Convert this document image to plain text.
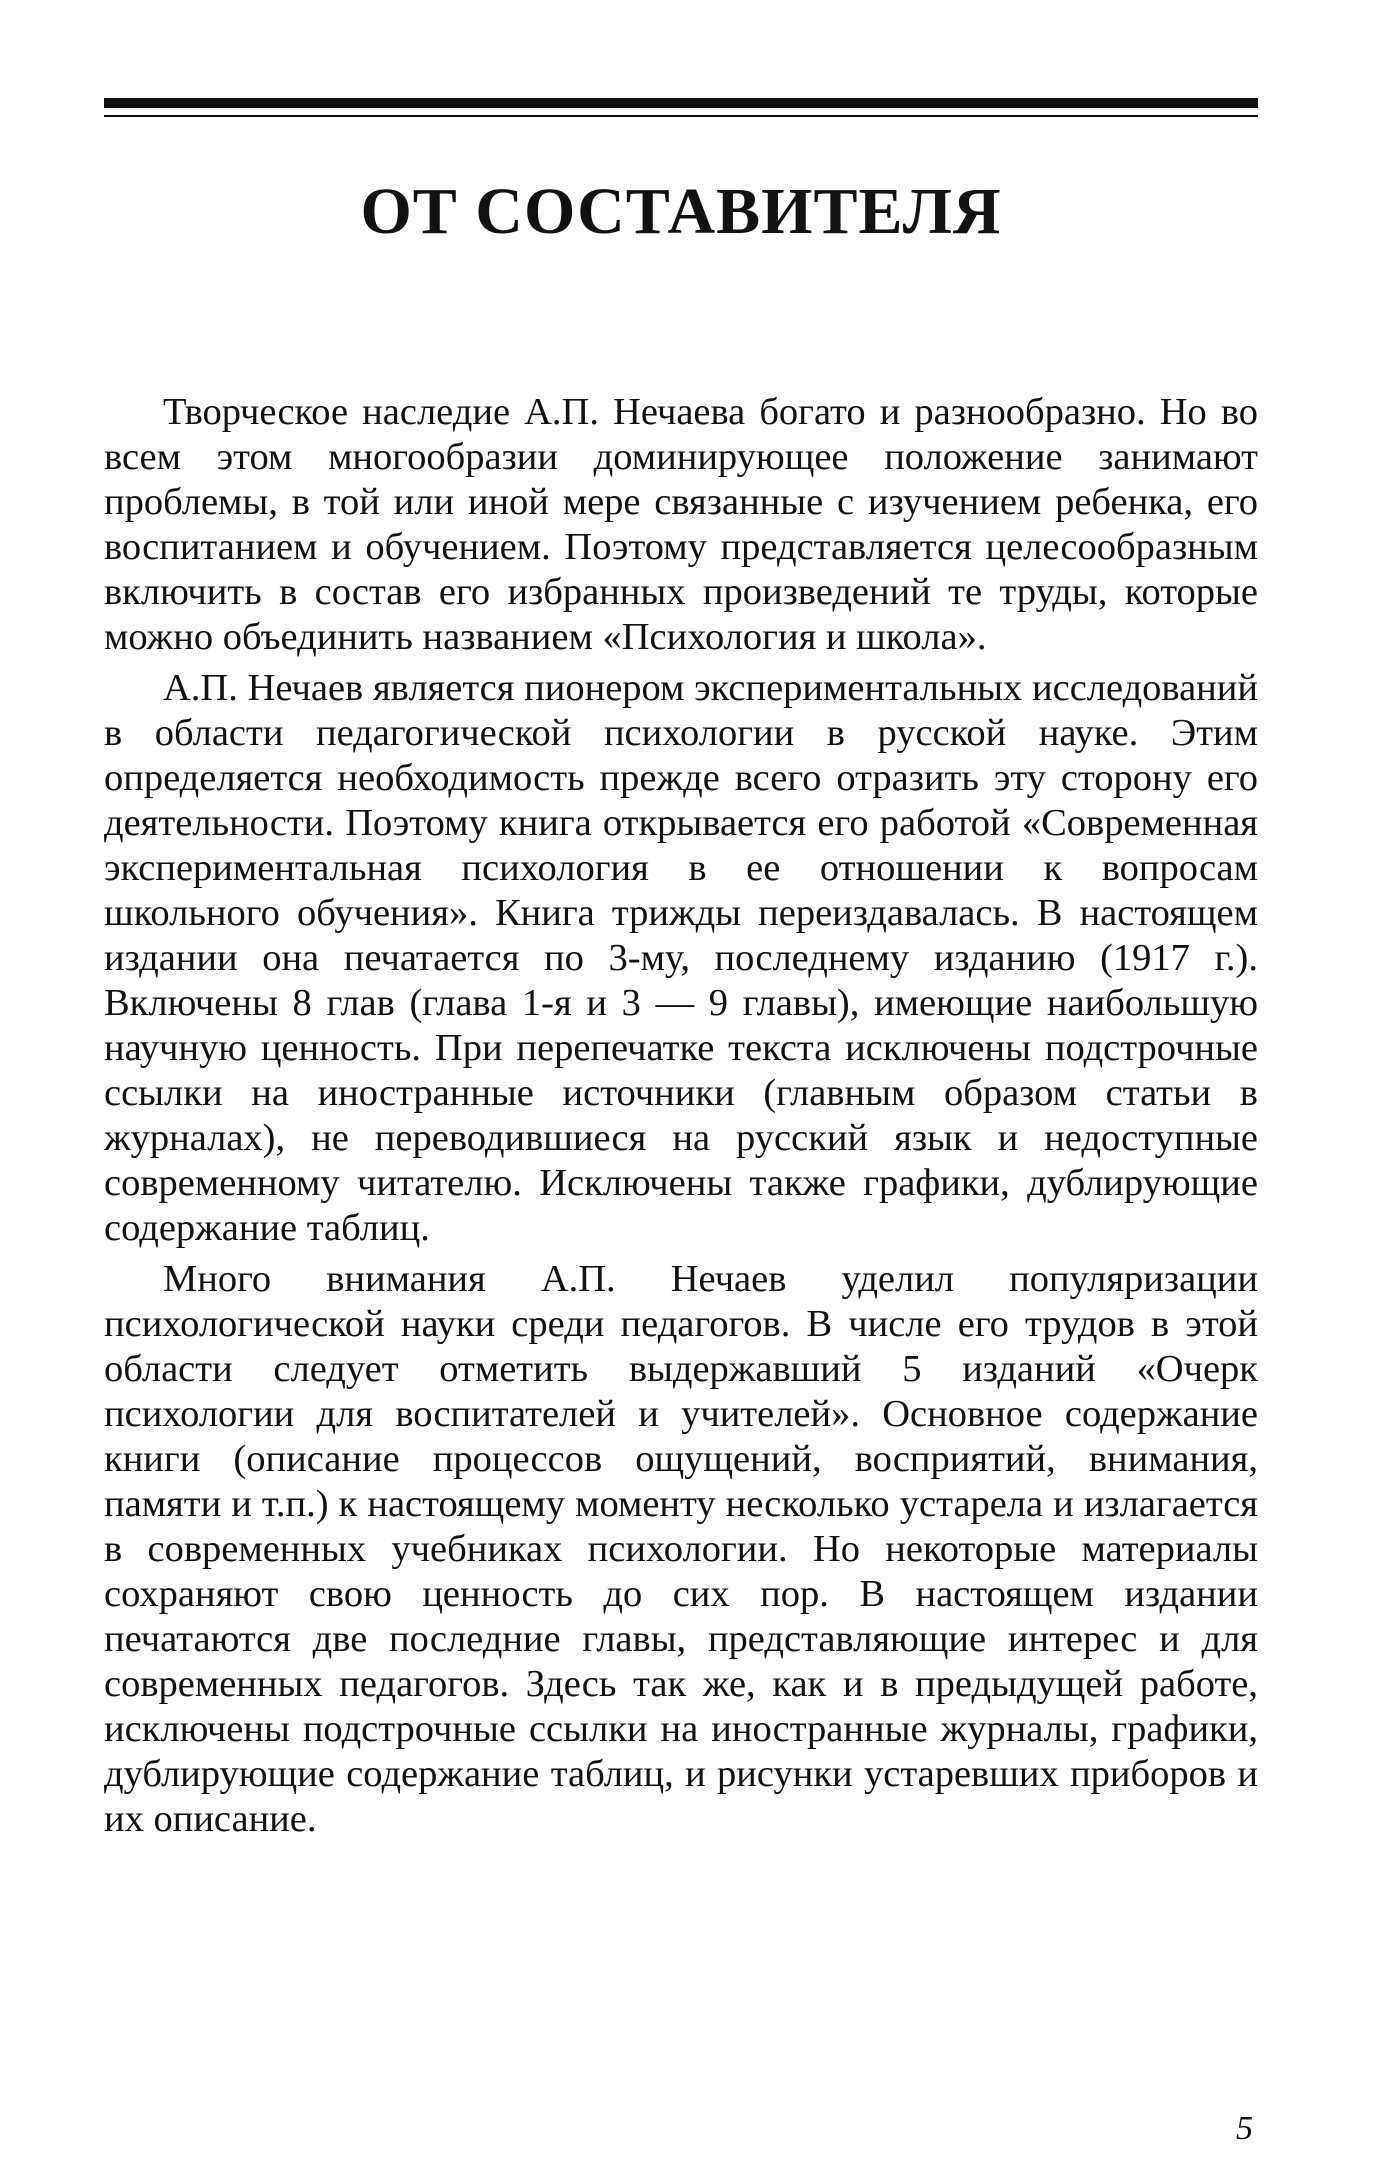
ОТ СОСТАВИТЕЛЯ

Творческое наследие А.П. Нечаева богато и разнообразно. Но во всем этом многообразии доминирующее положение занимают проблемы, в той или иной мере связанные с изучением ребенка, его воспитанием и обучением. Поэтому представляется целесообразным включить в состав его избранных произведений те труды, которые можно объединить названием «Психология и школа».

А.П. Нечаев является пионером экспериментальных исследований в области педагогической психологии в русской науке. Этим определяется необходимость прежде всего отразить эту сторону его деятельности. Поэтому книга открывается его работой «Современная экспериментальная психология в ее отношении к вопросам школьного обучения». Книга трижды переиздавалась. В настоящем издании она печатается по 3-му, последнему изданию (1917 г.). Включены 8 глав (глава 1-я и 3 — 9 главы), имеющие наибольшую научную ценность. При перепечатке текста исключены подстрочные ссылки на иностранные источники (главным образом статьи в журналах), не переводившиеся на русский язык и недоступные современному читателю. Исключены также графики, дублирующие содержание таблиц.

Много внимания А.П. Нечаев уделил популяризации психологической науки среди педагогов. В числе его трудов в этой области следует отметить выдержавший 5 изданий «Очерк психологии для воспитателей и учителей». Основное содержание книги (описание процессов ощущений, восприятий, внимания, памяти и т.п.) к настоящему моменту несколько устарела и излагается в современных учебниках психологии. Но некоторые материалы сохраняют свою ценность до сих пор. В настоящем издании печатаются две последние главы, представляющие интерес и для современных педагогов. Здесь так же, как и в предыдущей работе, исключены подстрочные ссылки на иностранные журналы, графики, дублирующие содержание таблиц, и рисунки устаревших приборов и их описание.

5
